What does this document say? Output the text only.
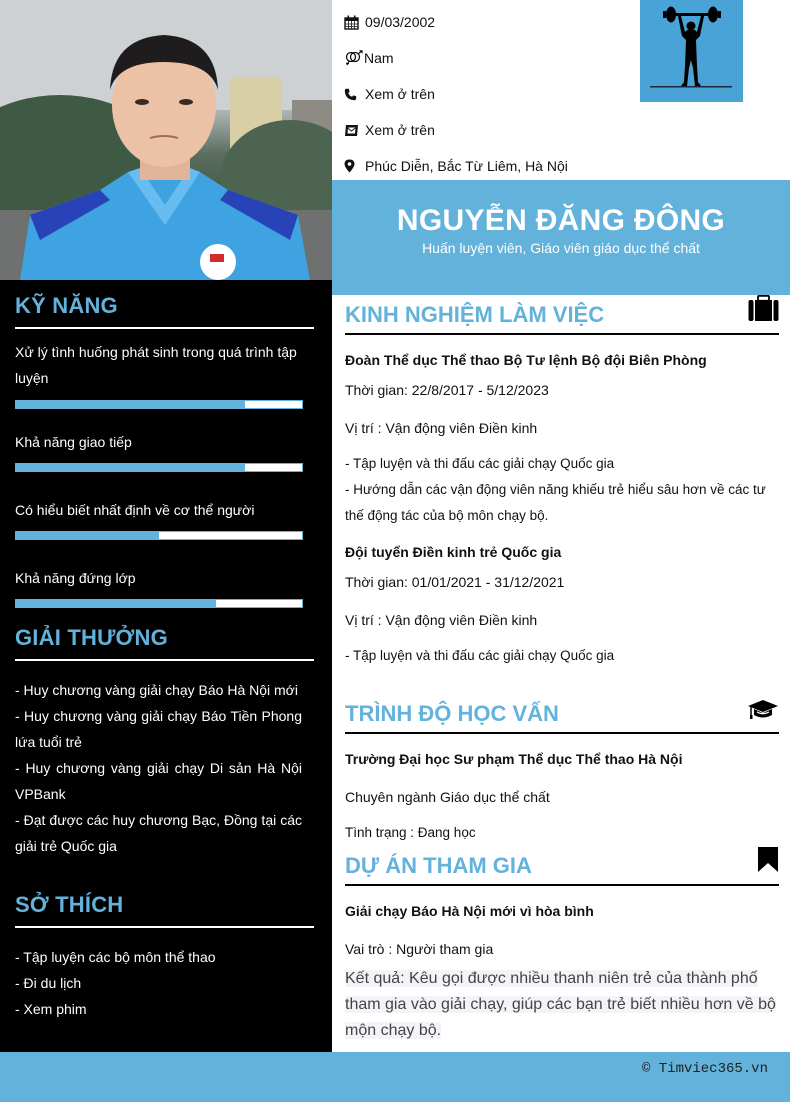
KỸ NĂNG
Xử lý tình huống phát sinh trong quá trình tập luyện
Khả năng giao tiếp
Có hiểu biết nhất định về cơ thể người
Khả năng đứng lớp
GIẢI THƯỞNG
- Huy chương vàng giải chạy Báo Hà Nội mới
- Huy chương vàng giải chạy Báo Tiền Phong lứa tuổi trẻ
- Huy chương vàng giải chạy Di sản Hà Nội VPBank
- Đạt được các huy chương Bạc, Đồng tại các giải trẻ Quốc gia
SỞ THÍCH
- Tập luyện các bộ môn thể thao
- Đi du lịch
- Xem phim
09/03/2002
Nam
Xem ở trên
Xem ở trên
Phúc Diễn, Bắc Từ Liêm, Hà Nội
NGUYỄN ĐĂNG ĐÔNG
Huấn luyện viên, Giáo viên giáo dục thể chất
KINH NGHIỆM LÀM VIỆC
Đoàn Thể dục Thể thao Bộ Tư lệnh Bộ đội Biên Phòng
Thời gian: 22/8/2017 - 5/12/2023
Vị trí : Vận động viên Điền kinh
- Tập luyện và thi đấu các giải chạy Quốc gia
- Hướng dẫn các vận động viên năng khiếu trẻ hiểu sâu hơn về các tư thế động tác của bộ môn chạy bộ.
Đội tuyển Điền kinh trẻ Quốc gia
Thời gian: 01/01/2021 - 31/12/2021
Vị trí : Vận động viên Điền kinh
- Tập luyện và thi đấu các giải chạy Quốc gia
TRÌNH ĐỘ HỌC VẤN
Trường Đại học Sư phạm Thể dục Thể thao Hà Nội
Chuyên ngành Giáo dục thể chất
Tình trạng : Đang học
DỰ ÁN THAM GIA
Giải chạy Báo Hà Nội mới vì hòa bình
Vai trò : Người tham gia
Kết quả: Kêu gọi được nhiều thanh niên trẻ của thành phố tham gia vào giải chạy, giúp các bạn trẻ biết nhiều hơn về bộ mộn chạy bộ.
© Timviec365.vn
